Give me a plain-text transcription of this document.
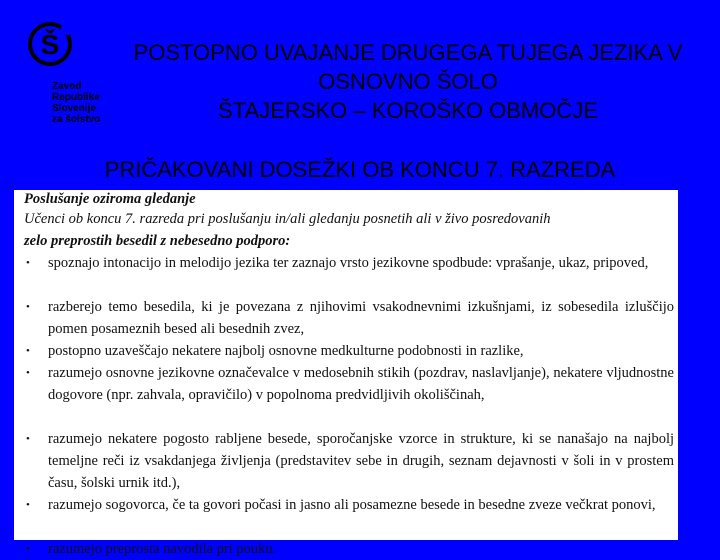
Š
Zavod
Republike
Slovenije
za šolstvo
POSTOPNO UVAJANJE DRUGEGA TUJEGA JEZIKA V
OSNOVNO ŠOLO
ŠTAJERSKO – KOROŠKO OBMOČJE
PRIČAKOVANI DOSEŽKI OB KONCU 7. RAZREDA
Poslušanje oziroma gledanje
Učenci ob koncu 7. razreda pri poslušanju in/ali gledanju posnetih ali v živo posredovanih
zelo preprostih besedil z nebesedno podporo:
• spoznajo intonacijo in melodijo jezika ter zaznajo vrsto jezikovne spodbude: vprašanje, ukaz, pripoved,
• razberejo temo besedila, ki je povezana z njihovimi vsakodnevnimi izkušnjami, iz sobesedila izluščijo pomen posameznih besed ali besednih zvez,
• postopno uzaveščajo nekatere najbolj osnovne medkulturne podobnosti in razlike,
• razumejo osnovne jezikovne označevalce v medosebnih stikih (pozdrav, naslavljanje), nekatere vljudnostne dogovore (npr. zahvala, opravičilo) v popolnoma predvidljivih okoliščinah,
• razumejo nekatere pogosto rabljene besede, sporočanjske vzorce in strukture, ki se nanašajo na najbolj temeljne reči iz vsakdanjega življenja (predstavitev sebe in drugih, seznam dejavnosti v šoli in v prostem času, šolski urnik itd.),
• razumejo sogovorca, če ta govori počasi in jasno ali posamezne besede in besedne zveze večkrat ponovi,
• razumejo preprosta navodila pri pouku.
